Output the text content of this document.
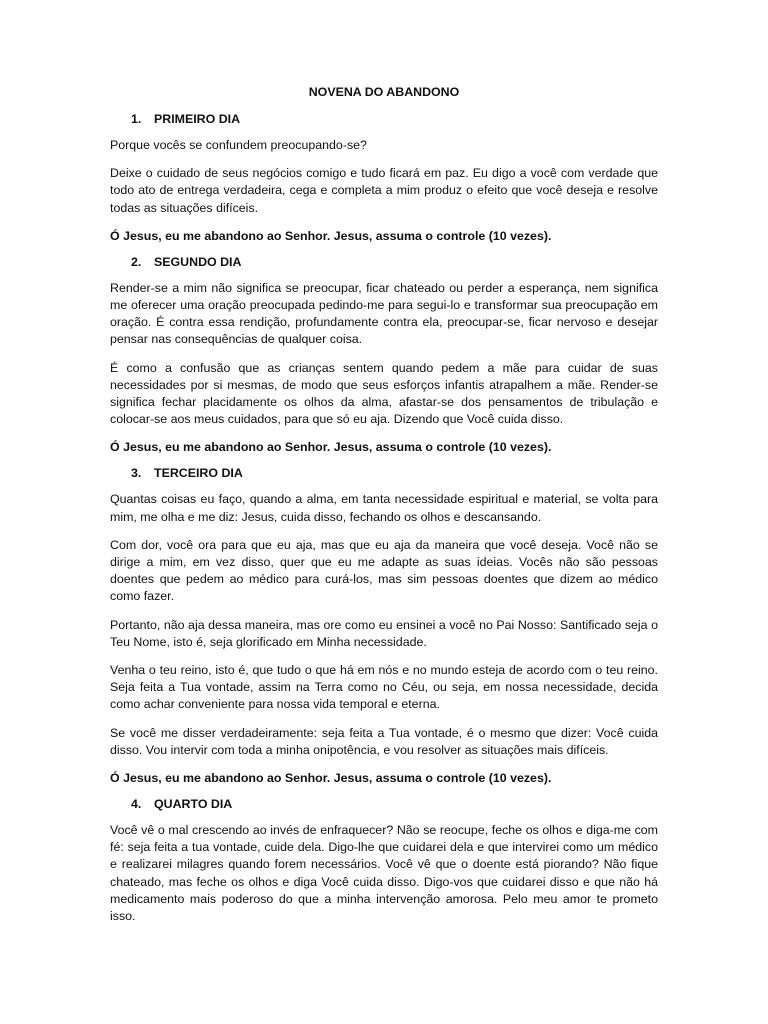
NOVENA DO ABANDONO
1.	PRIMEIRO DIA

Porque vocês se confundem preocupando-se?

Deixe o cuidado de seus negócios comigo e tudo ficará em paz. Eu digo a você com verdade que todo ato de entrega verdadeira, cega e completa a mim produz o efeito que você deseja e resolve todas as situações difíceis.

Ó Jesus, eu me abandono ao Senhor. Jesus, assuma o controle (10 vezes).

2.	SEGUNDO DIA

Render-se a mim não significa se preocupar, ficar chateado ou perder a esperança, nem significa me oferecer uma oração preocupada pedindo-me para segui-lo e transformar sua preocupação em oração. É contra essa rendição, profundamente contra ela, preocupar-se, ficar nervoso e desejar pensar nas consequências de qualquer coisa.

É como a confusão que as crianças sentem quando pedem a mãe para cuidar de suas necessidades por si mesmas, de modo que seus esforços infantis atrapalhem a mãe. Render-se significa fechar placidamente os olhos da alma, afastar-se dos pensamentos de tribulação e colocar-se aos meus cuidados, para que só eu aja. Dizendo que Você cuida disso.

Ó Jesus, eu me abandono ao Senhor. Jesus, assuma o controle (10 vezes).

3.	TERCEIRO DIA

Quantas coisas eu faço, quando a alma, em tanta necessidade espiritual e material, se volta para mim, me olha e me diz: Jesus, cuida disso, fechando os olhos e descansando.

Com dor, você ora para que eu aja, mas que eu aja da maneira que você deseja. Você não se dirige a mim, em vez disso, quer que eu me adapte as suas ideias. Vocês não são pessoas doentes que pedem ao médico para curá-los, mas sim pessoas doentes que dizem ao médico como fazer.

Portanto, não aja dessa maneira, mas ore como eu ensinei a você no Pai Nosso: Santificado seja o Teu Nome, isto é, seja glorificado em Minha necessidade.

Venha o teu reino, isto é, que tudo o que há em nós e no mundo esteja de acordo com o teu reino. Seja feita a Tua vontade, assim na Terra como no Céu, ou seja, em nossa necessidade, decida como achar conveniente para nossa vida temporal e eterna.

Se você me disser verdadeiramente: seja feita a Tua vontade, é o mesmo que dizer: Você cuida disso. Vou intervir com toda a minha onipotência, e vou resolver as situações mais difíceis.

Ó Jesus, eu me abandono ao Senhor. Jesus, assuma o controle (10 vezes).

4.	QUARTO DIA

Você vê o mal crescendo ao invés de enfraquecer? Não se reocupe, feche os olhos e diga-me com fé: seja feita a tua vontade, cuide dela. Digo-lhe que cuidarei dela e que intervirei como um médico e realizarei milagres quando forem necessários. Você vê que o doente está piorando? Não fique chateado, mas feche os olhos e diga Você cuida disso. Digo-vos que cuidarei disso e que não há medicamento mais poderoso do que a minha intervenção amorosa. Pelo meu amor te prometo isso.
